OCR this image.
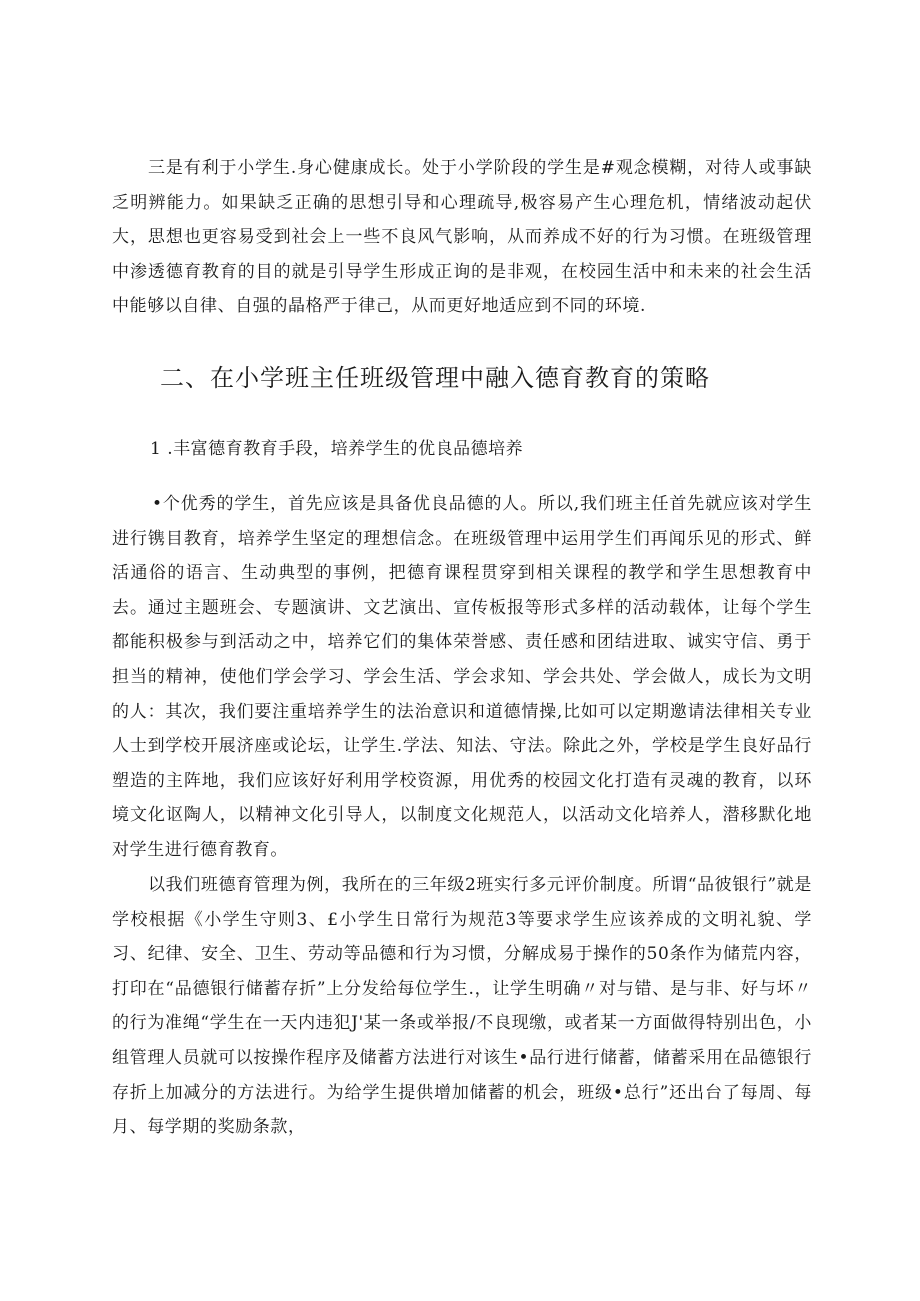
三是有利于小学生.身心健康成长。处于小学阶段的学生是#观念模糊，对待人或事缺乏明辨能力。如果缺乏正确的思想引导和心理疏导,极容易产生心理危机，情绪波动起伏大，思想也更容易受到社会上一些不良风气影响，从而养成不好的行为习惯。在班级管理中渗透德育教育的目的就是引导学生形成正询的是非观，在校园生活中和未来的社会生活中能够以自律、自强的晶格严于律己，从而更好地适应到不同的环境.

二、在小学班主任班级管理中融入德育教育的策略

1 .丰富德育教育手段，培养学生的优良品德培养

•个优秀的学生，首先应该是具备优良品德的人。所以,我们班主任首先就应该对学生进行镌目教育，培养学生坚定的理想信念。在班级管理中运用学生们再闻乐见的形式、鲜活通俗的语言、生动典型的事例，把德育课程贯穿到相关课程的教学和学生思想教育中去。通过主题班会、专题演讲、文艺演出、宣传板报等形式多样的活动载体，让每个学生都能积极参与到活动之中，培养它们的集体荣誉感、责任感和团结进取、诚实守信、勇于担当的精神，使他们学会学习、学会生活、学会求知、学会共处、学会做人，成长为文明的人：其次，我们要注重培养学生的法治意识和道德情操,比如可以定期邀请法律相关专业人士到学校开展济座或论坛，让学生.学法、知法、守法。除此之外，学校是学生良好品行塑造的主阵地，我们应该好好利用学校资源，用优秀的校园文化打造有灵魂的教育，以环境文化讴陶人，以精神文化引导人，以制度文化规范人，以活动文化培养人，潜移默化地对学生进行德育教育。

以我们班德育管理为例，我所在的三年级2班实行多元评价制度。所谓“品彼银行”就是学校根据《小学生守则3、£小学生日常行为规范3等要求学生应该养成的文明礼貌、学习、纪律、安全、卫生、劳动等品德和行为习惯，分解成易于操作的50条作为储荒内容，打印在“品德银行储蓄存折”上分发给每位学生.，让学生明确〃对与错、是与非、好与坏〃的行为准绳“学生在一天内违犯J'某一条或举报/不良现缴，或者某一方面做得特别出色，小组管理人员就可以按操作程序及储蓄方法进行对该生•品行进行储蓄，储蓄采用在品德银行存折上加减分的方法进行。为给学生提供增加储蓄的机会，班级•总行”还出台了每周、每月、每学期的奖励条款，
